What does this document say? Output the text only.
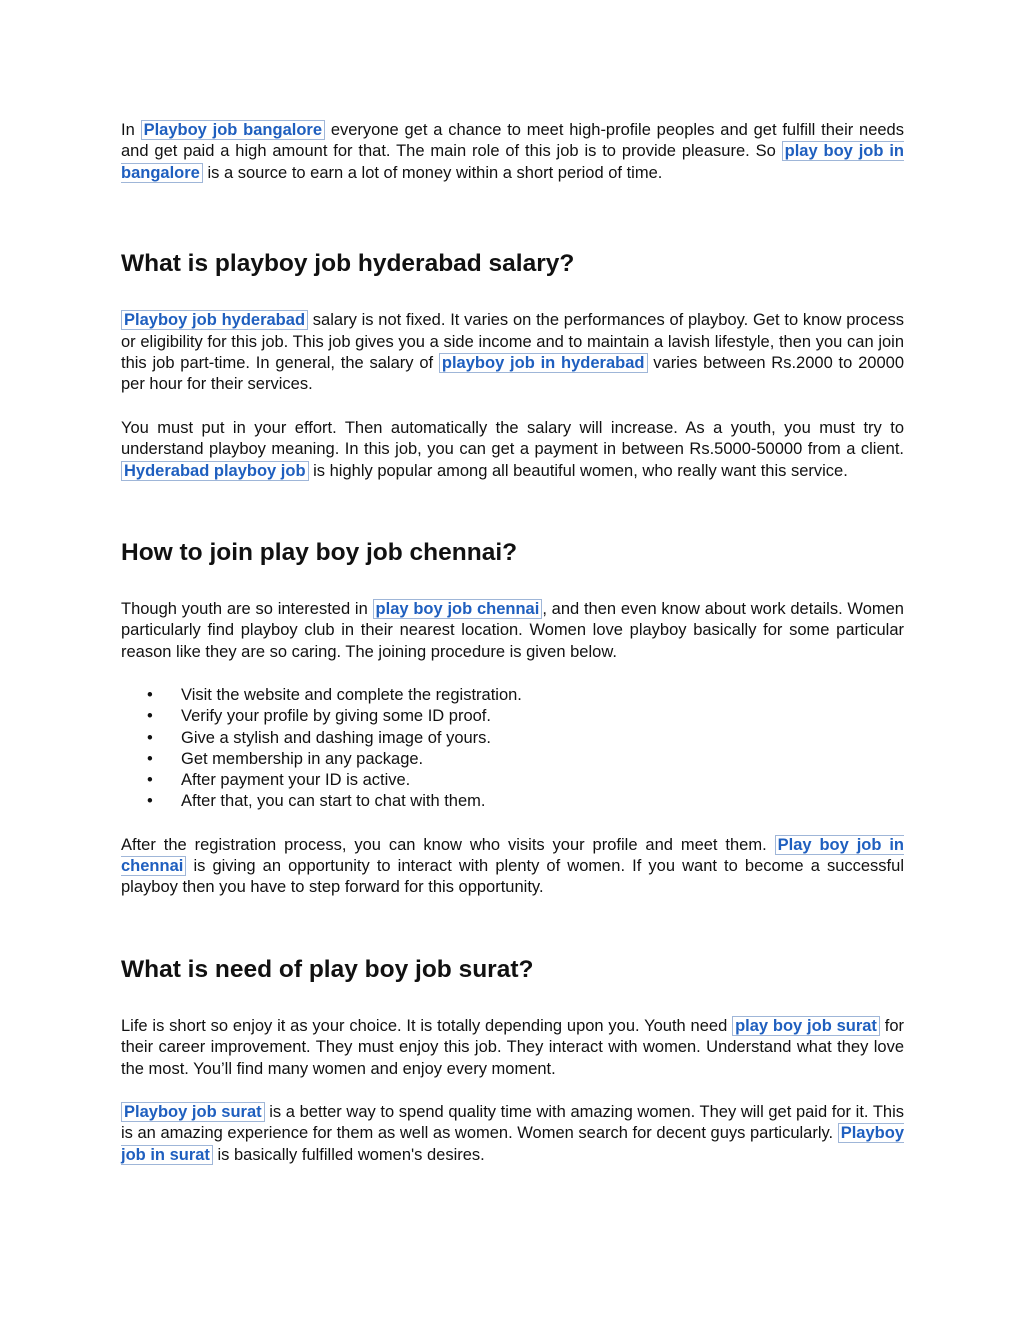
In Playboy job bangalore everyone get a chance to meet high-profile peoples and get fulfill their needs and get paid a high amount for that. The main role of this job is to provide pleasure. So play boy job in bangalore is a source to earn a lot of money within a short period of time.

What is playboy job hyderabad salary?

Playboy job hyderabad salary is not fixed. It varies on the performances of playboy. Get to know process or eligibility for this job. This job gives you a side income and to maintain a lavish lifestyle, then you can join this job part-time. In general, the salary of playboy job in hyderabad varies between Rs.2000 to 20000 per hour for their services.

You must put in your effort. Then automatically the salary will increase. As a youth, you must try to understand playboy meaning. In this job, you can get a payment in between Rs.5000-50000 from a client. Hyderabad playboy job is highly popular among all beautiful women, who really want this service.

How to join play boy job chennai?

Though youth are so interested in play boy job chennai , and then even know about work details. Women particularly find playboy club in their nearest location. Women love playboy basically for some particular reason like they are so caring. The joining procedure is given below.

• Visit the website and complete the registration.
• Verify your profile by giving some ID proof.
• Give a stylish and dashing image of yours.
• Get membership in any package.
• After payment your ID is active.
• After that, you can start to chat with them.

After the registration process, you can know who visits your profile and meet them. Play boy job in chennai is giving an opportunity to interact with plenty of women. If you want to become a successful playboy then you have to step forward for this opportunity.

What is need of play boy job surat?

Life is short so enjoy it as your choice. It is totally depending upon you. Youth need play boy job surat for their career improvement. They must enjoy this job. They interact with women. Understand what they love the most. You’ll find many women and enjoy every moment.

Playboy job surat is a better way to spend quality time with amazing women. They will get paid for it. This is an amazing experience for them as well as women. Women search for decent guys particularly. Playboy job in surat is basically fulfilled women's desires.
